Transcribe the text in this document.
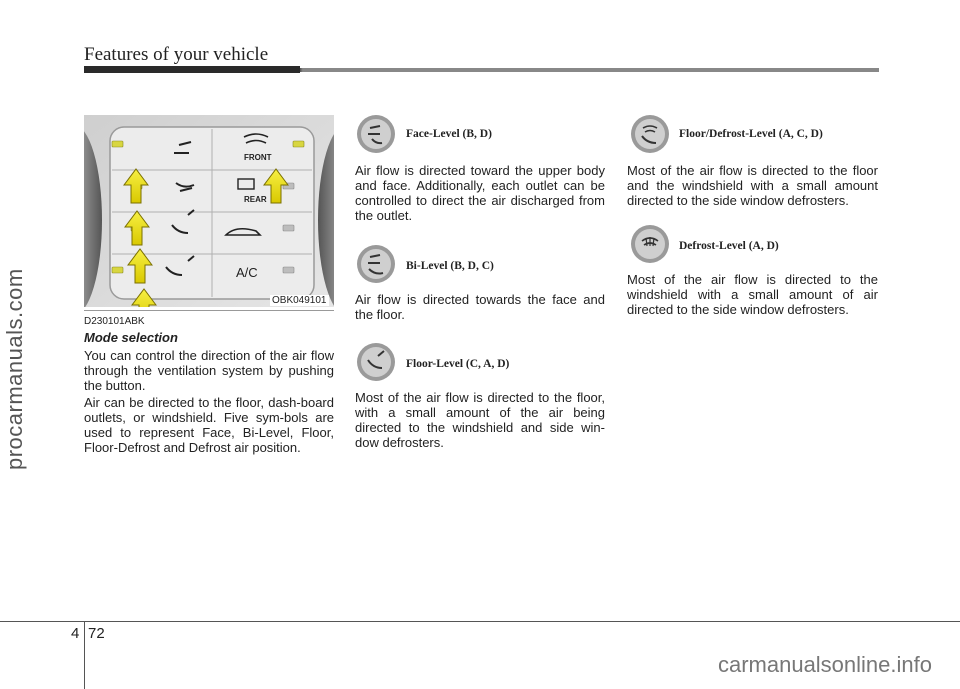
Features of your vehicle
procarmanuals.com
FRONT
REAR
A/C
OBK049101
D230101ABK
Mode selection
You can control the direction of the air flow through the ventilation system by pushing the button.
Air can be directed to the floor, dash-board outlets, or windshield. Five sym-bols are used to represent Face, Bi-Level, Floor, Floor-Defrost and Defrost air position.
Face-Level (B, D)
Air flow is directed toward the upper body and face. Additionally, each outlet can be controlled to direct the air discharged from the outlet.
Bi-Level (B, D, C)
Air flow is directed towards the face and the floor.
Floor-Level (C, A, D)
Most of the air flow is directed to the floor, with a small amount of the air being directed to the windshield and side win-dow defrosters.
Floor/Defrost-Level (A, C, D)
Most of the air flow is directed to the floor and the windshield with a small amount directed to the side window defrosters.
Defrost-Level (A, D)
Most of the air flow is directed to the windshield with a small amount of air directed to the side window defrosters.
4 72
carmanualsonline.info
